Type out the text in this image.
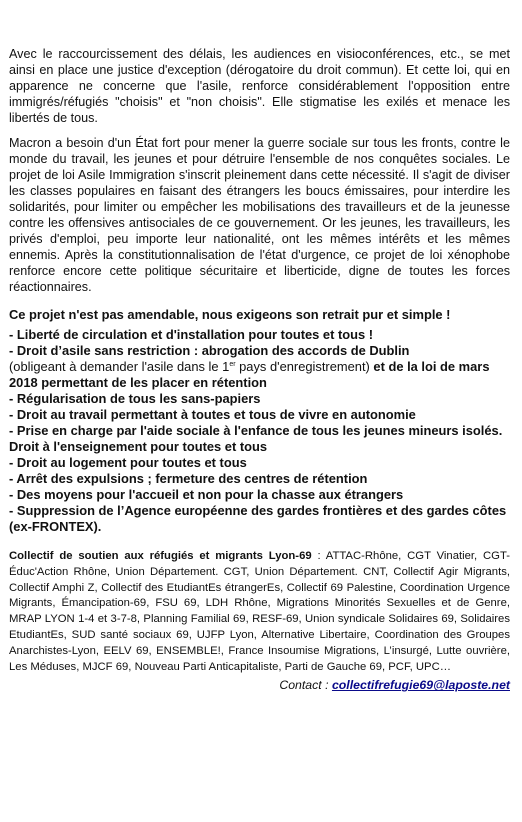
Avec le raccourcissement des délais, les audiences en visioconférences, etc., se met ainsi en place une justice d'exception (dérogatoire du droit commun). Et cette loi, qui en apparence ne concerne que l'asile, renforce considérablement l'opposition entre immigrés/réfugiés "choisis" et "non choisis". Elle stigmatise les exilés et menace les libertés de tous.

Macron a besoin d'un État fort pour mener la guerre sociale sur tous les fronts, contre le monde du travail, les jeunes et pour détruire l'ensemble de nos conquêtes sociales. Le projet de loi Asile Immigration s'inscrit pleinement dans cette nécessité. Il s'agit de diviser les classes populaires en faisant des étrangers les boucs émissaires, pour interdire les solidarités, pour limiter ou empêcher les mobilisations des travailleurs et de la jeunesse contre les offensives antisociales de ce gouvernement. Or les jeunes, les travailleurs, les privés d'emploi, peu importe leur nationalité, ont les mêmes intérêts et les mêmes ennemis. Après la constitutionnalisation de l'état d'urgence, ce projet de loi xénophobe renforce encore cette politique sécuritaire et liberticide, digne de toutes les forces réactionnaires.

Ce projet n'est pas amendable, nous exigeons son retrait pur et simple !

- Liberté de circulation et d'installation pour toutes et tous !
- Droit d’asile sans restriction : abrogation des accords de Dublin
(obligeant à demander l'asile dans le 1er pays d'enregistrement) et de la loi de mars 2018 permettant de les placer en rétention
- Régularisation de tous les sans-papiers
- Droit au travail permettant à toutes et tous de vivre en autonomie
- Prise en charge par l'aide sociale à l'enfance de tous les jeunes mineurs isolés. Droit à l'enseignement pour toutes et tous
- Droit au logement pour toutes et tous
- Arrêt des expulsions ; fermeture des centres de rétention
- Des moyens pour l'accueil et non pour la chasse aux étrangers
- Suppression de l’Agence européenne des gardes frontières et des gardes côtes (ex-FRONTEX).

Collectif de soutien aux réfugiés et migrants Lyon-69 : ATTAC-Rhône, CGT Vinatier, CGT-Éduc'Action Rhône, Union Département. CGT, Union Département. CNT, Collectif Agir Migrants, Collectif Amphi Z, Collectif des EtudiantEs étrangerEs, Collectif 69 Palestine, Coordination Urgence Migrants, Émancipation-69, FSU 69, LDH Rhône, Migrations Minorités Sexuelles et de Genre, MRAP LYON 1-4 et 3-7-8, Planning Familial 69, RESF-69, Union syndicale Solidaires 69, Solidaires EtudiantEs, SUD santé sociaux 69, UJFP Lyon, Alternative Libertaire, Coordination des Groupes Anarchistes-Lyon, EELV 69, ENSEMBLE!, France Insoumise Migrations, L’insurgé, Lutte ouvrière, Les Méduses, MJCF 69, Nouveau Parti Anticapitaliste, Parti de Gauche 69, PCF, UPC…

Contact : collectifrefugie69@laposte.net
